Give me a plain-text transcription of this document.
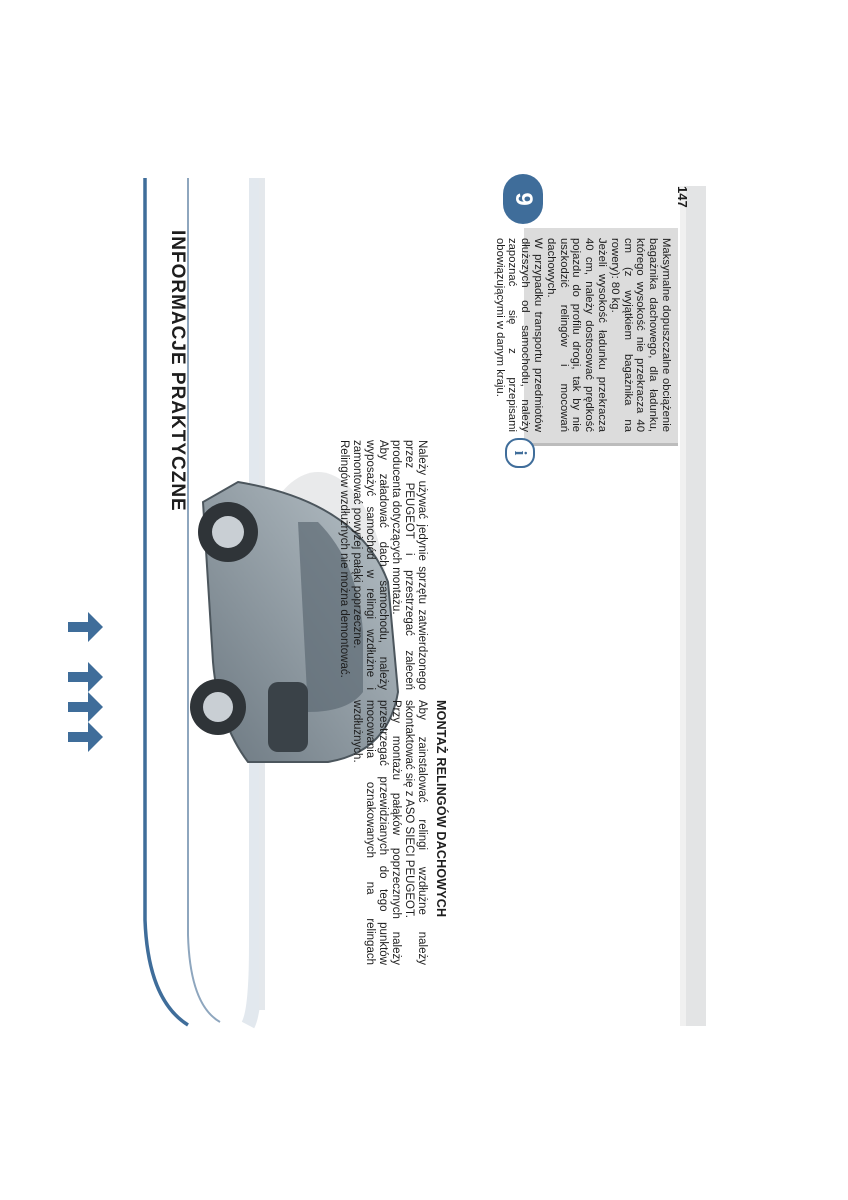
INFORMACJE PRAKTYCZNE
9	147
i

Maksymalne dopuszczalne obciążenie bagażnika dachowego, dla ładunku, którego wysokość nie przekracza 40 cm (z wyjątkiem bagażnika na rowery): 80 kg.

Jeżeli wysokość ładunku przekracza 40 cm, należy dostosować prędkość pojazdu do profilu drogi, tak by nie uszkodzić relingów i mocowań dachowych.

W przypadku transportu przedmiotów dłuższych od samochodu, należy zapoznać się z przepisami obowiązującymi w danym kraju.

MONTAŻ RELINGÓW DACHOWYCH

Aby zainstalować relingi wzdłużne należy skontaktować się z ASO SIECI PEUGEOT.

Przy montażu pałąków poprzecznych należy przestrzegać przewidzianych do tego punktów mocowania oznakowanych na relingach wzdłużnych.

Należy używać jedynie sprzętu zatwierdzonego przez PEUGEOT i przestrzegać zaleceń producenta dotyczących montażu.

Aby załadować dach samochodu, należy wyposażyć samochód w relingi wzdłużne i zamontować powyżej pałąki poprzeczne.

Relingów wzdłużnych nie można demontować.
